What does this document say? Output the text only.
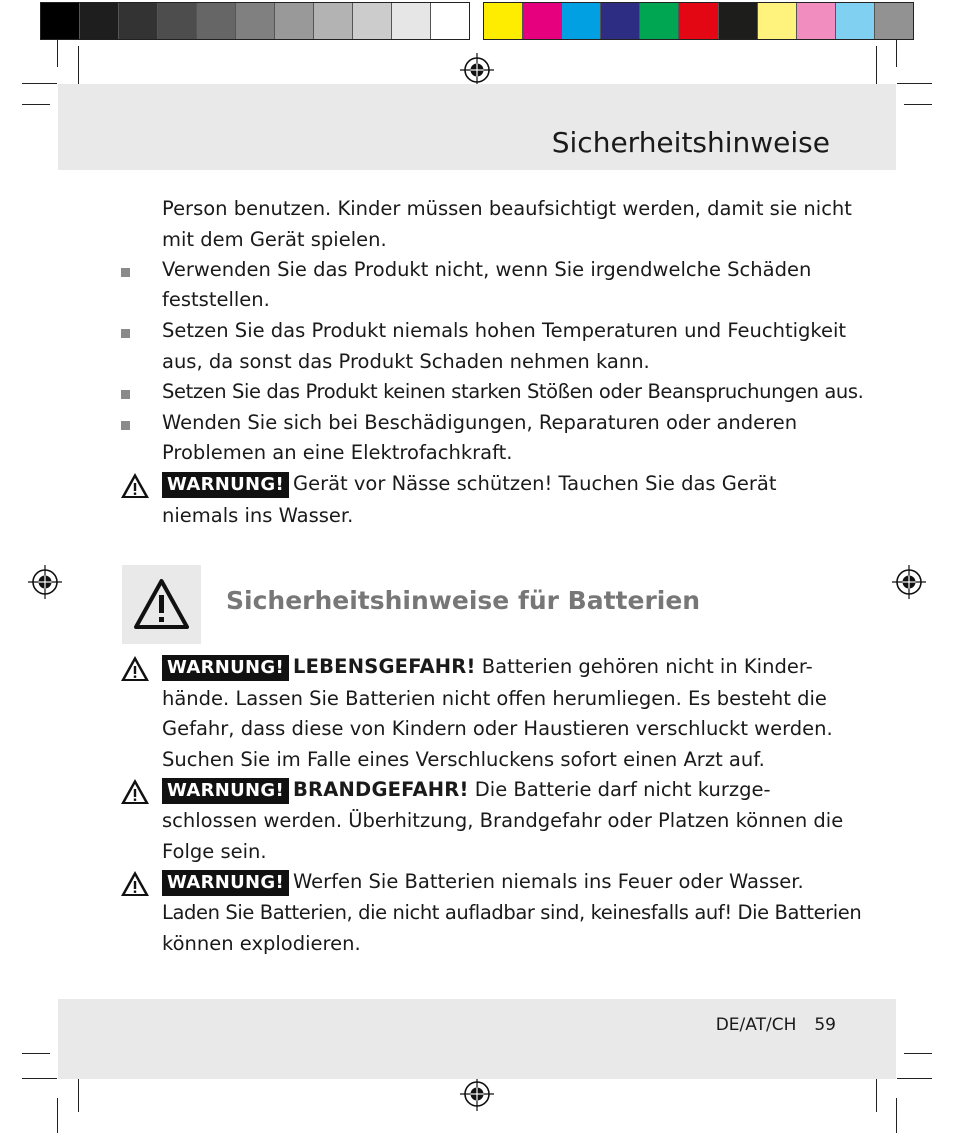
Sicherheitshinweise
Person benutzen. Kinder müssen beaufsichtigt werden, damit sie nicht
mit dem Gerät spielen.
Verwenden Sie das Produkt nicht, wenn Sie irgendwelche Schäden
feststellen.
Setzen Sie das Produkt niemals hohen Temperaturen und Feuchtigkeit
aus, da sonst das Produkt Schaden nehmen kann.
Setzen Sie das Produkt keinen starken Stößen oder Beanspruchungen aus.
Wenden Sie sich bei Beschädigungen, Reparaturen oder anderen
Problemen an eine Elektrofachkraft.
WARNUNG! Gerät vor Nässe schützen! Tauchen Sie das Gerät
niemals ins Wasser.
Sicherheitshinweise für Batterien
WARNUNG! LEBENSGEFAHR! Batterien gehören nicht in Kinder-
hände. Lassen Sie Batterien nicht offen herumliegen. Es besteht die
Gefahr, dass diese von Kindern oder Haustieren verschluckt werden.
Suchen Sie im Falle eines Verschluckens sofort einen Arzt auf.
WARNUNG! BRANDGEFAHR! Die Batterie darf nicht kurzge-
schlossen werden. Überhitzung, Brandgefahr oder Platzen können die
Folge sein.
WARNUNG! Werfen Sie Batterien niemals ins Feuer oder Wasser.
Laden Sie Batterien, die nicht aufladbar sind, keinesfalls auf! Die Batterien
können explodieren.
DE/AT/CH 59
